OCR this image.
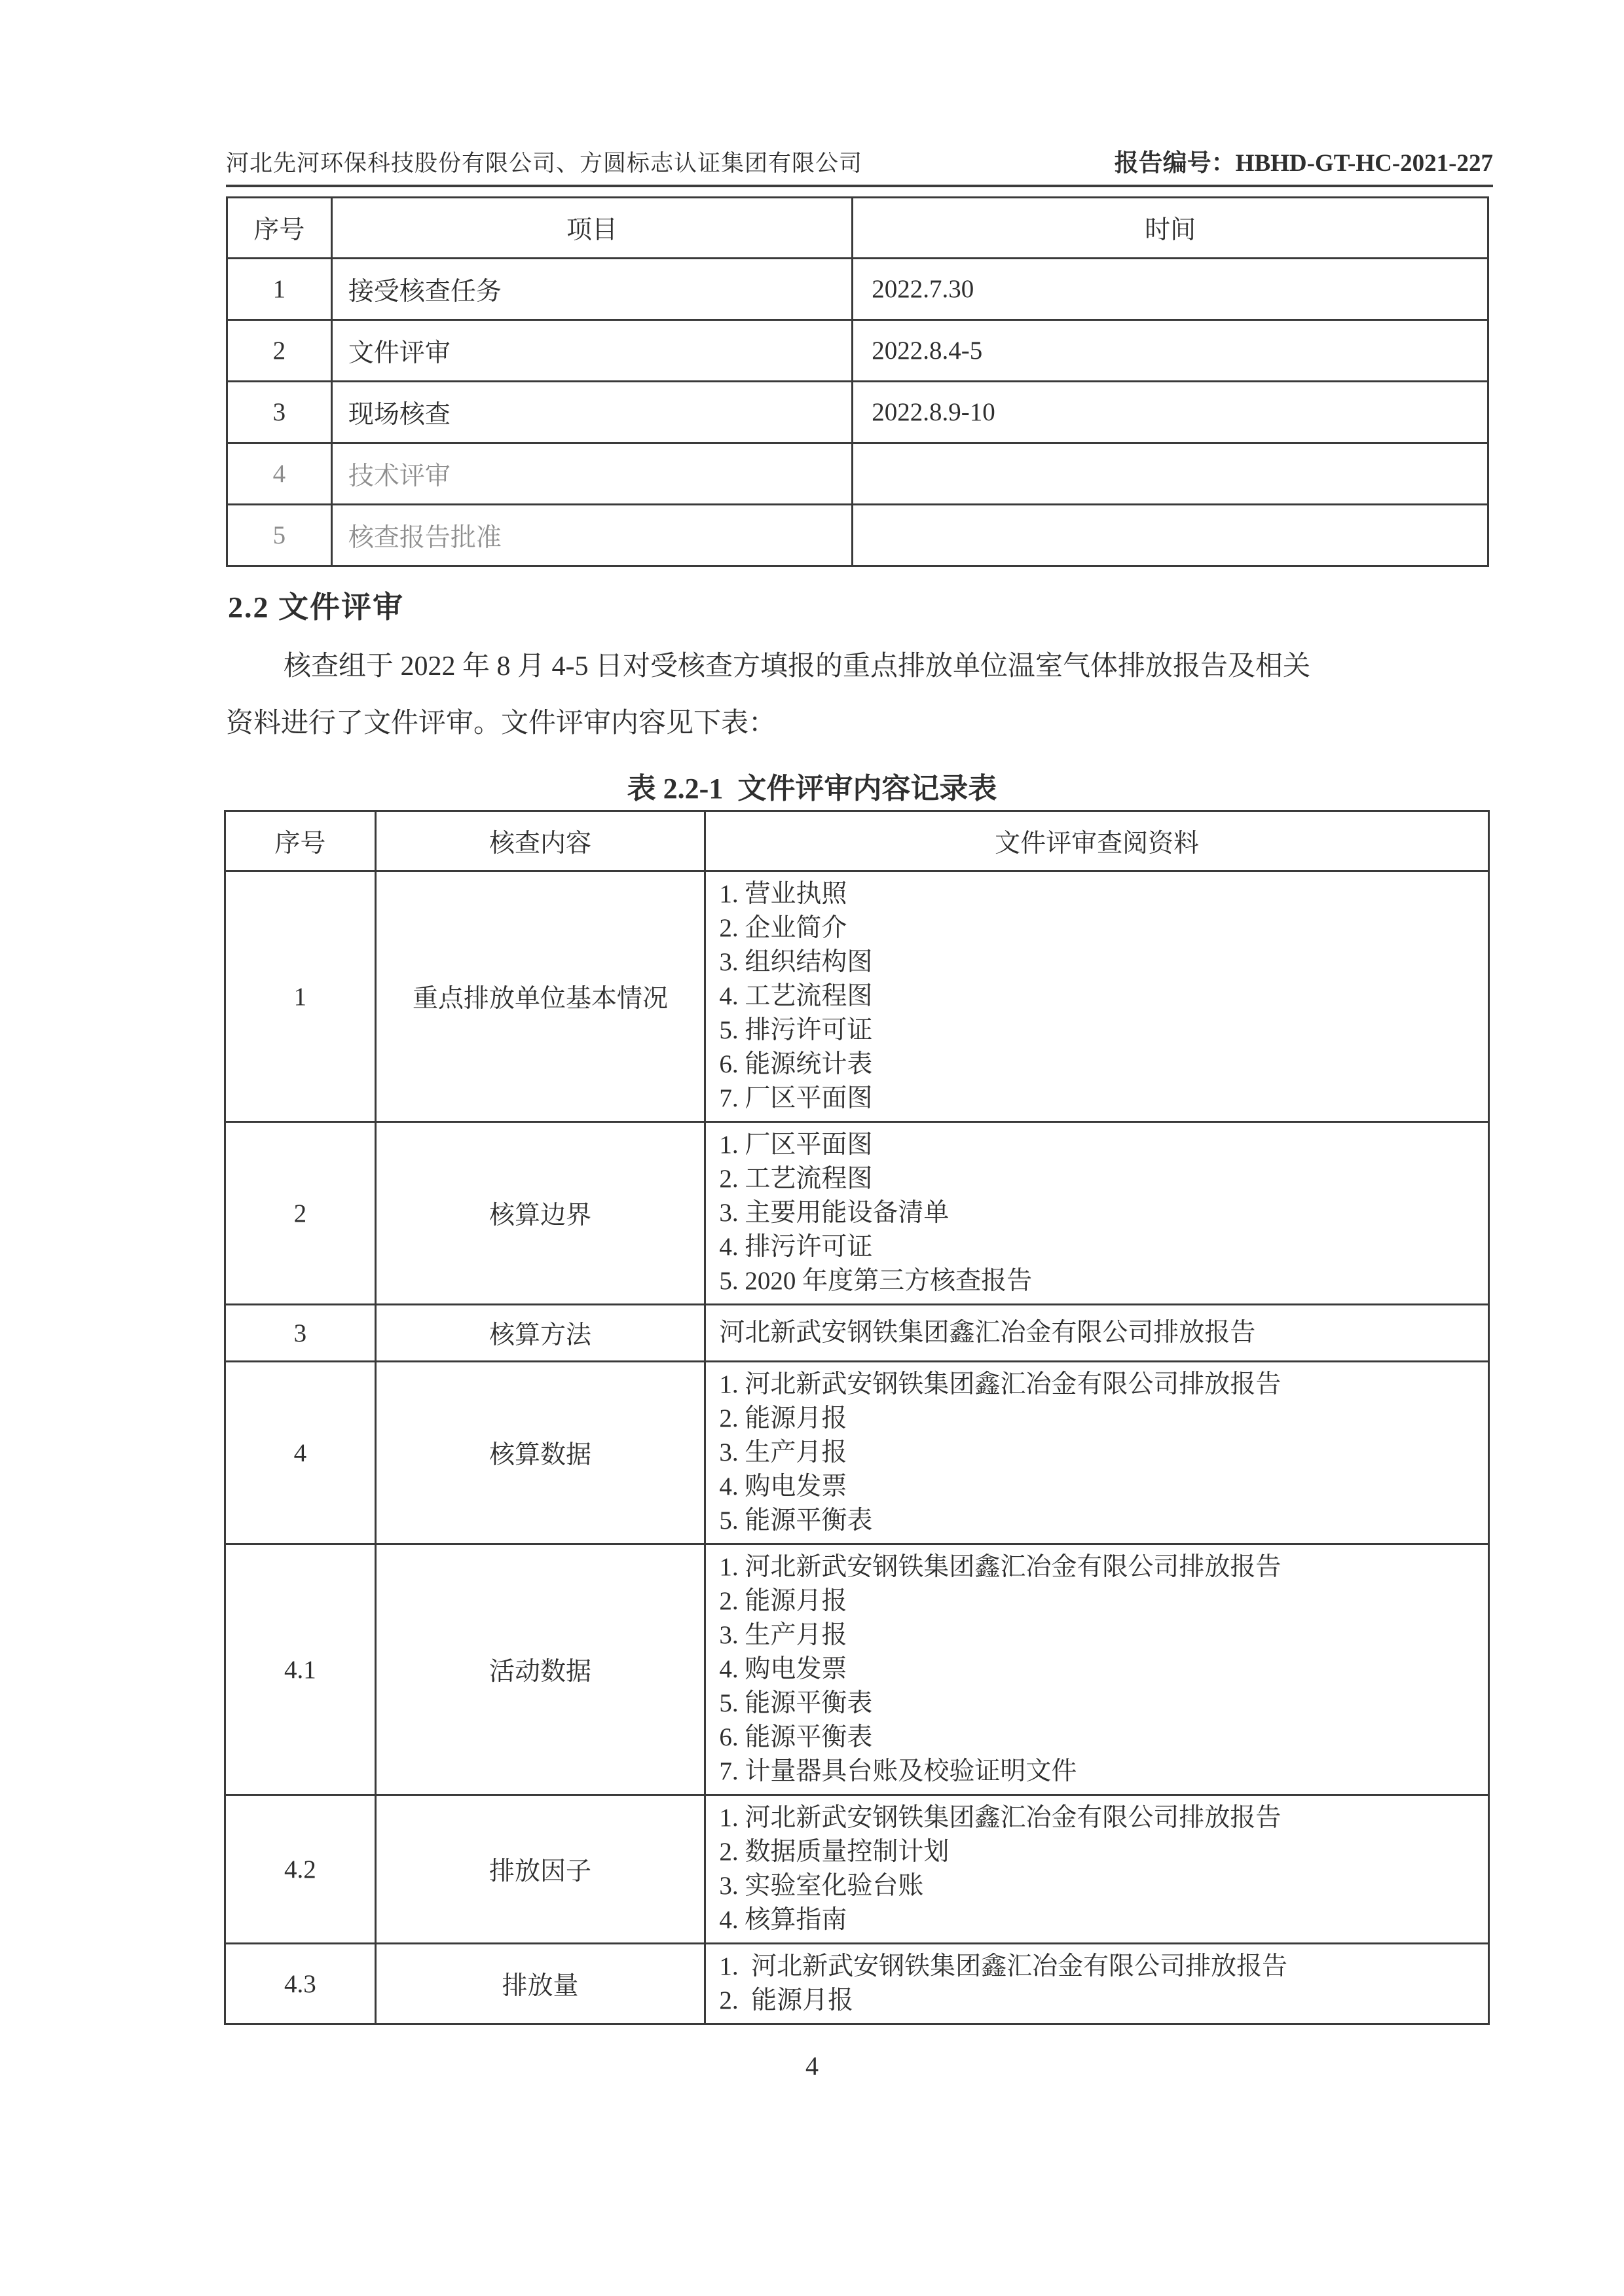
河北先河环保科技股份有限公司、方圆标志认证集团有限公司	报告编号：HBHD-GT-HC-2021-227
序号	项目	时间
1	接受核查任务	2022.7.30
2	文件评审	2022.8.4-5
3	现场核查	2022.8.9-10
4	技术评审	
5	核查报告批准	
2.2 文件评审
核查组于 2022 年 8 月 4-5 日对受核查方填报的重点排放单位温室气体排放报告及相关
资料进行了文件评审。文件评审内容见下表：
表 2.2-1  文件评审内容记录表
序号	核查内容	文件评审查阅资料
1	重点排放单位基本情况	
1. 营业执照
2. 企业简介
3. 组织结构图
4. 工艺流程图
5. 排污许可证
6. 能源统计表
7. 厂区平面图

2	核算边界	1. 厂区平面图
2. 工艺流程图
3. 主要用能设备清单
4. 排污许可证
5. 2020 年度第三方核查报告

3	核算方法	河北新武安钢铁集团鑫汇冶金有限公司排放报告

4	核算数据	1. 河北新武安钢铁集团鑫汇冶金有限公司排放报告
2. 能源月报
3. 生产月报
4. 购电发票
5. 能源平衡表

4.1	活动数据	
1. 河北新武安钢铁集团鑫汇冶金有限公司排放报告
2. 能源月报
3. 生产月报
4. 购电发票
5. 能源平衡表
6. 能源平衡表
7. 计量器具台账及校验证明文件

4.2	排放因子	1. 河北新武安钢铁集团鑫汇冶金有限公司排放报告
2. 数据质量控制计划
3. 实验室化验台账
4. 核算指南

4.3	排放量	1.  河北新武安钢铁集团鑫汇冶金有限公司排放报告
2.  能源月报
4
